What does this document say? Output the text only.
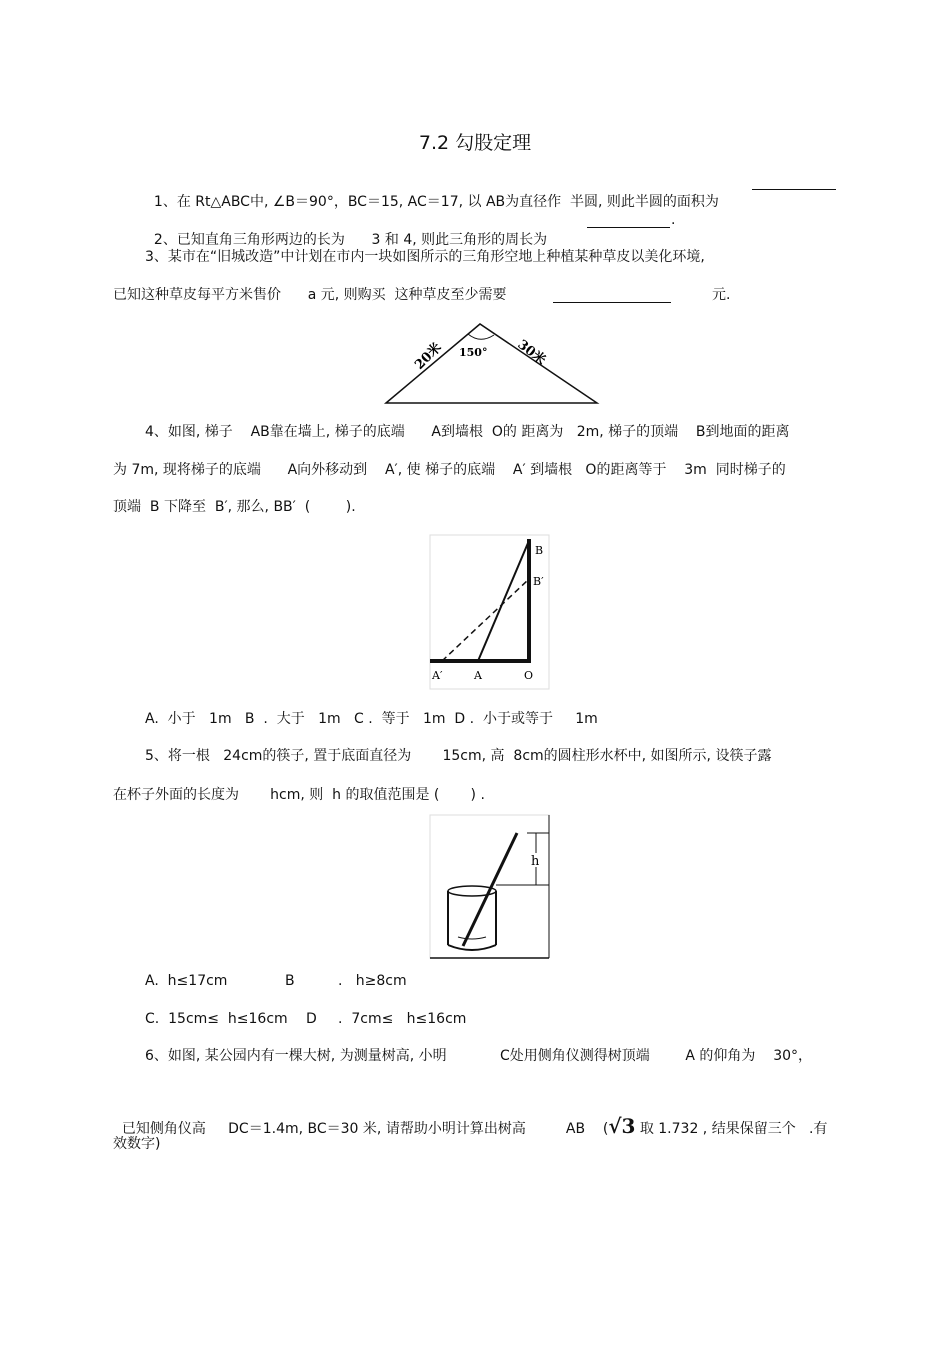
7.2 勾股定理

1、在 Rt△ABC中, ∠B＝90°，BC＝15, AC＝17, 以 AB为直径作  半圆, 则此半圆的面积为

2、已知直角三角形两边的长为      3 和 4, 则此三角形的周长为

.
3、某市在“旧城改造”中计划在市内一块如图所示的三角形空地上种植某种草皮以美化环境,
已知这种草皮每平方米售价      a 元, 则购买  这种草皮至少需要	元.
20米 150° 30米
4、如图, 梯子    AB靠在墙上, 梯子的底端      A到墙根  O的 距离为   2m, 梯子的顶端    B到地面的距离
为 7m, 现将梯子的底端      A向外移动到    A′, 使 梯子的底端    A′ 到墙根   O的距离等于    3m  同时梯子的
顶端  B 下降至  B′, 那么, BB′  (        ).
B
B′
A′	A	O
A.  小于   1m   B  .  大于   1m   C .  等于   1m  D .  小于或等于     1m
5、将一根   24cm的筷子, 置于底面直径为       15cm, 高  8cm的圆柱形水杯中, 如图所示, 设筷子露
在杯子外面的长度为       hcm, 则  h 的取值范围是 (       ) .
h
A.  h≤17cm	B	.   h≥8cm
C.  15cm≤  h≤16cm D .  7cm≤   h≤16cm
6、如图, 某公园内有一棵大树, 为测量树高, 小明            C处用侧角仪测得树顶端        A 的仰角为    30°，

已知侧角仪高     DC＝1.4m, BC＝30 米, 请帮助小明计算出树高         AB    (√3 取 1.732 , 结果保留三个   .有

效数字)
